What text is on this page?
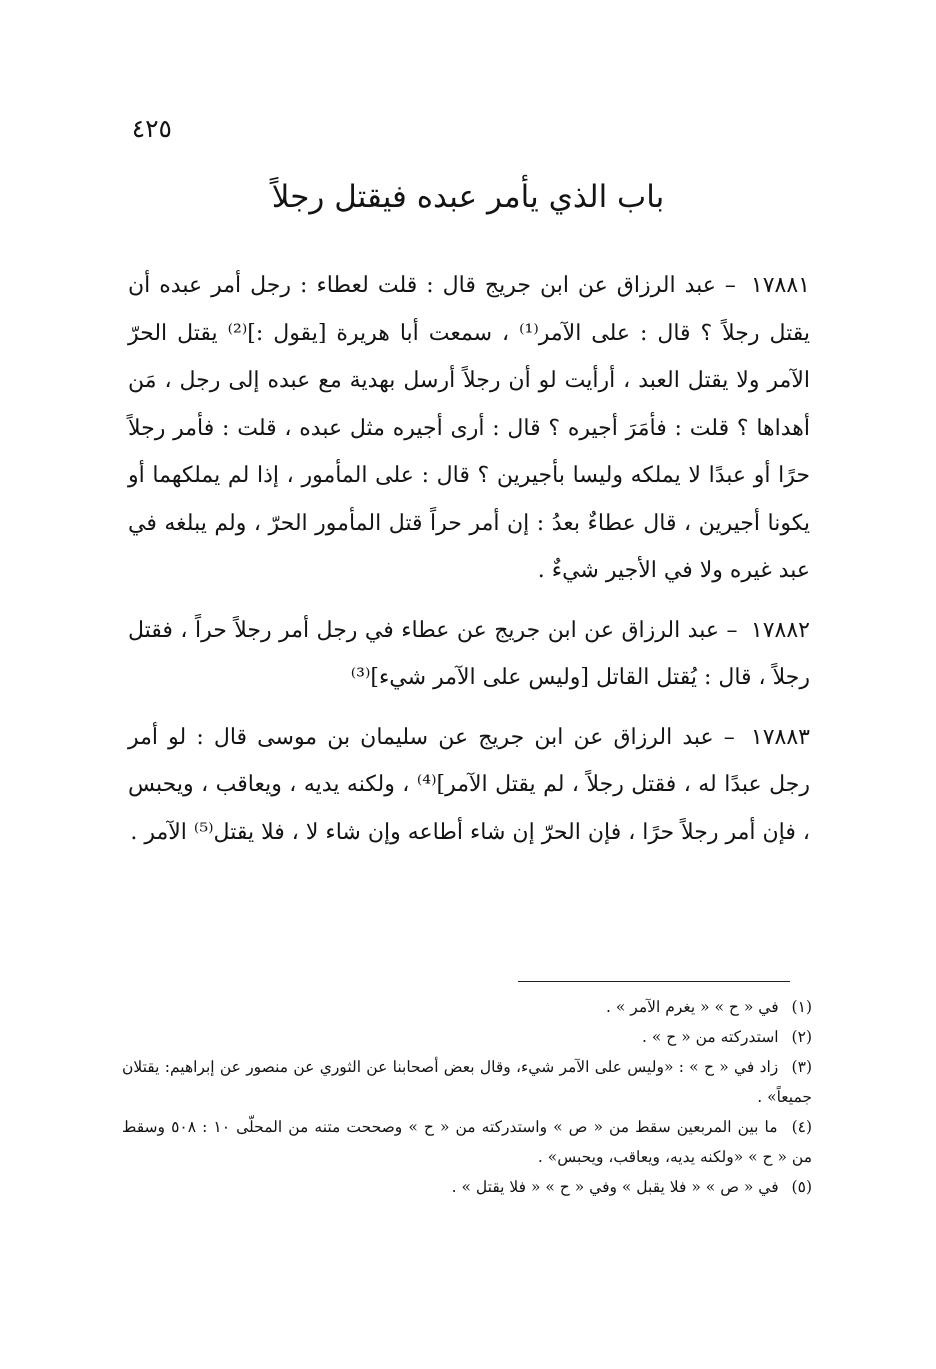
٤٢٥
باب الذي يأمر عبده فيقتل رجلاً

١٧٨٨١ – عبد الرزاق عن ابن جريج قال : قلت لعطاء : رجل أمر عبده أن يقتل رجلاً ؟ قال : على الآمر⁽¹⁾ ، سمعت أبا هريرة [يقول :]⁽²⁾ يقتل الحرّ الآمر ولا يقتل العبد ، أرأيت لو أن رجلاً أرسل بهدية مع عبده إلى رجل ، مَن أهداها ؟ قلت : فأمَرَ أجيره ؟ قال : أرى أجيره مثل عبده ، قلت : فأمر رجلاً حرًا أو عبدًا لا يملكه وليسا بأجيرين ؟ قال : على المأمور ، إذا لم يملكهما أو يكونا أجيرين ، قال عطاءٌ بعدُ : إن أمر حراً قتل المأمور الحرّ ، ولم يبلغه في عبد غيره ولا في الأجير شيءٌ .

١٧٨٨٢ – عبد الرزاق عن ابن جريج عن عطاء في رجل أمر رجلاً حراً ، فقتل رجلاً ، قال : يُقتل القاتل [وليس على الآمر شيء]⁽³⁾

١٧٨٨٣ – عبد الرزاق عن ابن جريج عن سليمان بن موسى قال : لو أمر رجل عبدًا له ، فقتل رجلاً ، لم يقتل الآمر]⁽⁴⁾ ، ولكنه يديه ، ويعاقب ، ويحبس ، فإن أمر رجلاً حرًا ، فإن الحرّ إن شاء أطاعه وإن شاء لا ، فلا يقتل⁽⁵⁾ الآمر .

(١) في « ح » « يغرم الآمر » .

(٢) استدركته من « ح » .

(٣) زاد في « ح » : «وليس على الآمر شيء، وقال بعض أصحابنا عن الثوري عن منصور عن إبراهيم: يقتلان جميعاً» .

(٤) ما بين المربعين سقط من « ص » واستدركته من « ح » وصححت متنه من المحلّى ١٠ : ٥٠٨ وسقط من « ح » «ولكنه يديه، ويعاقب، ويحبس» .

(٥) في « ص » « فلا يقبل » وفي « ح » « فلا يقتل » .
